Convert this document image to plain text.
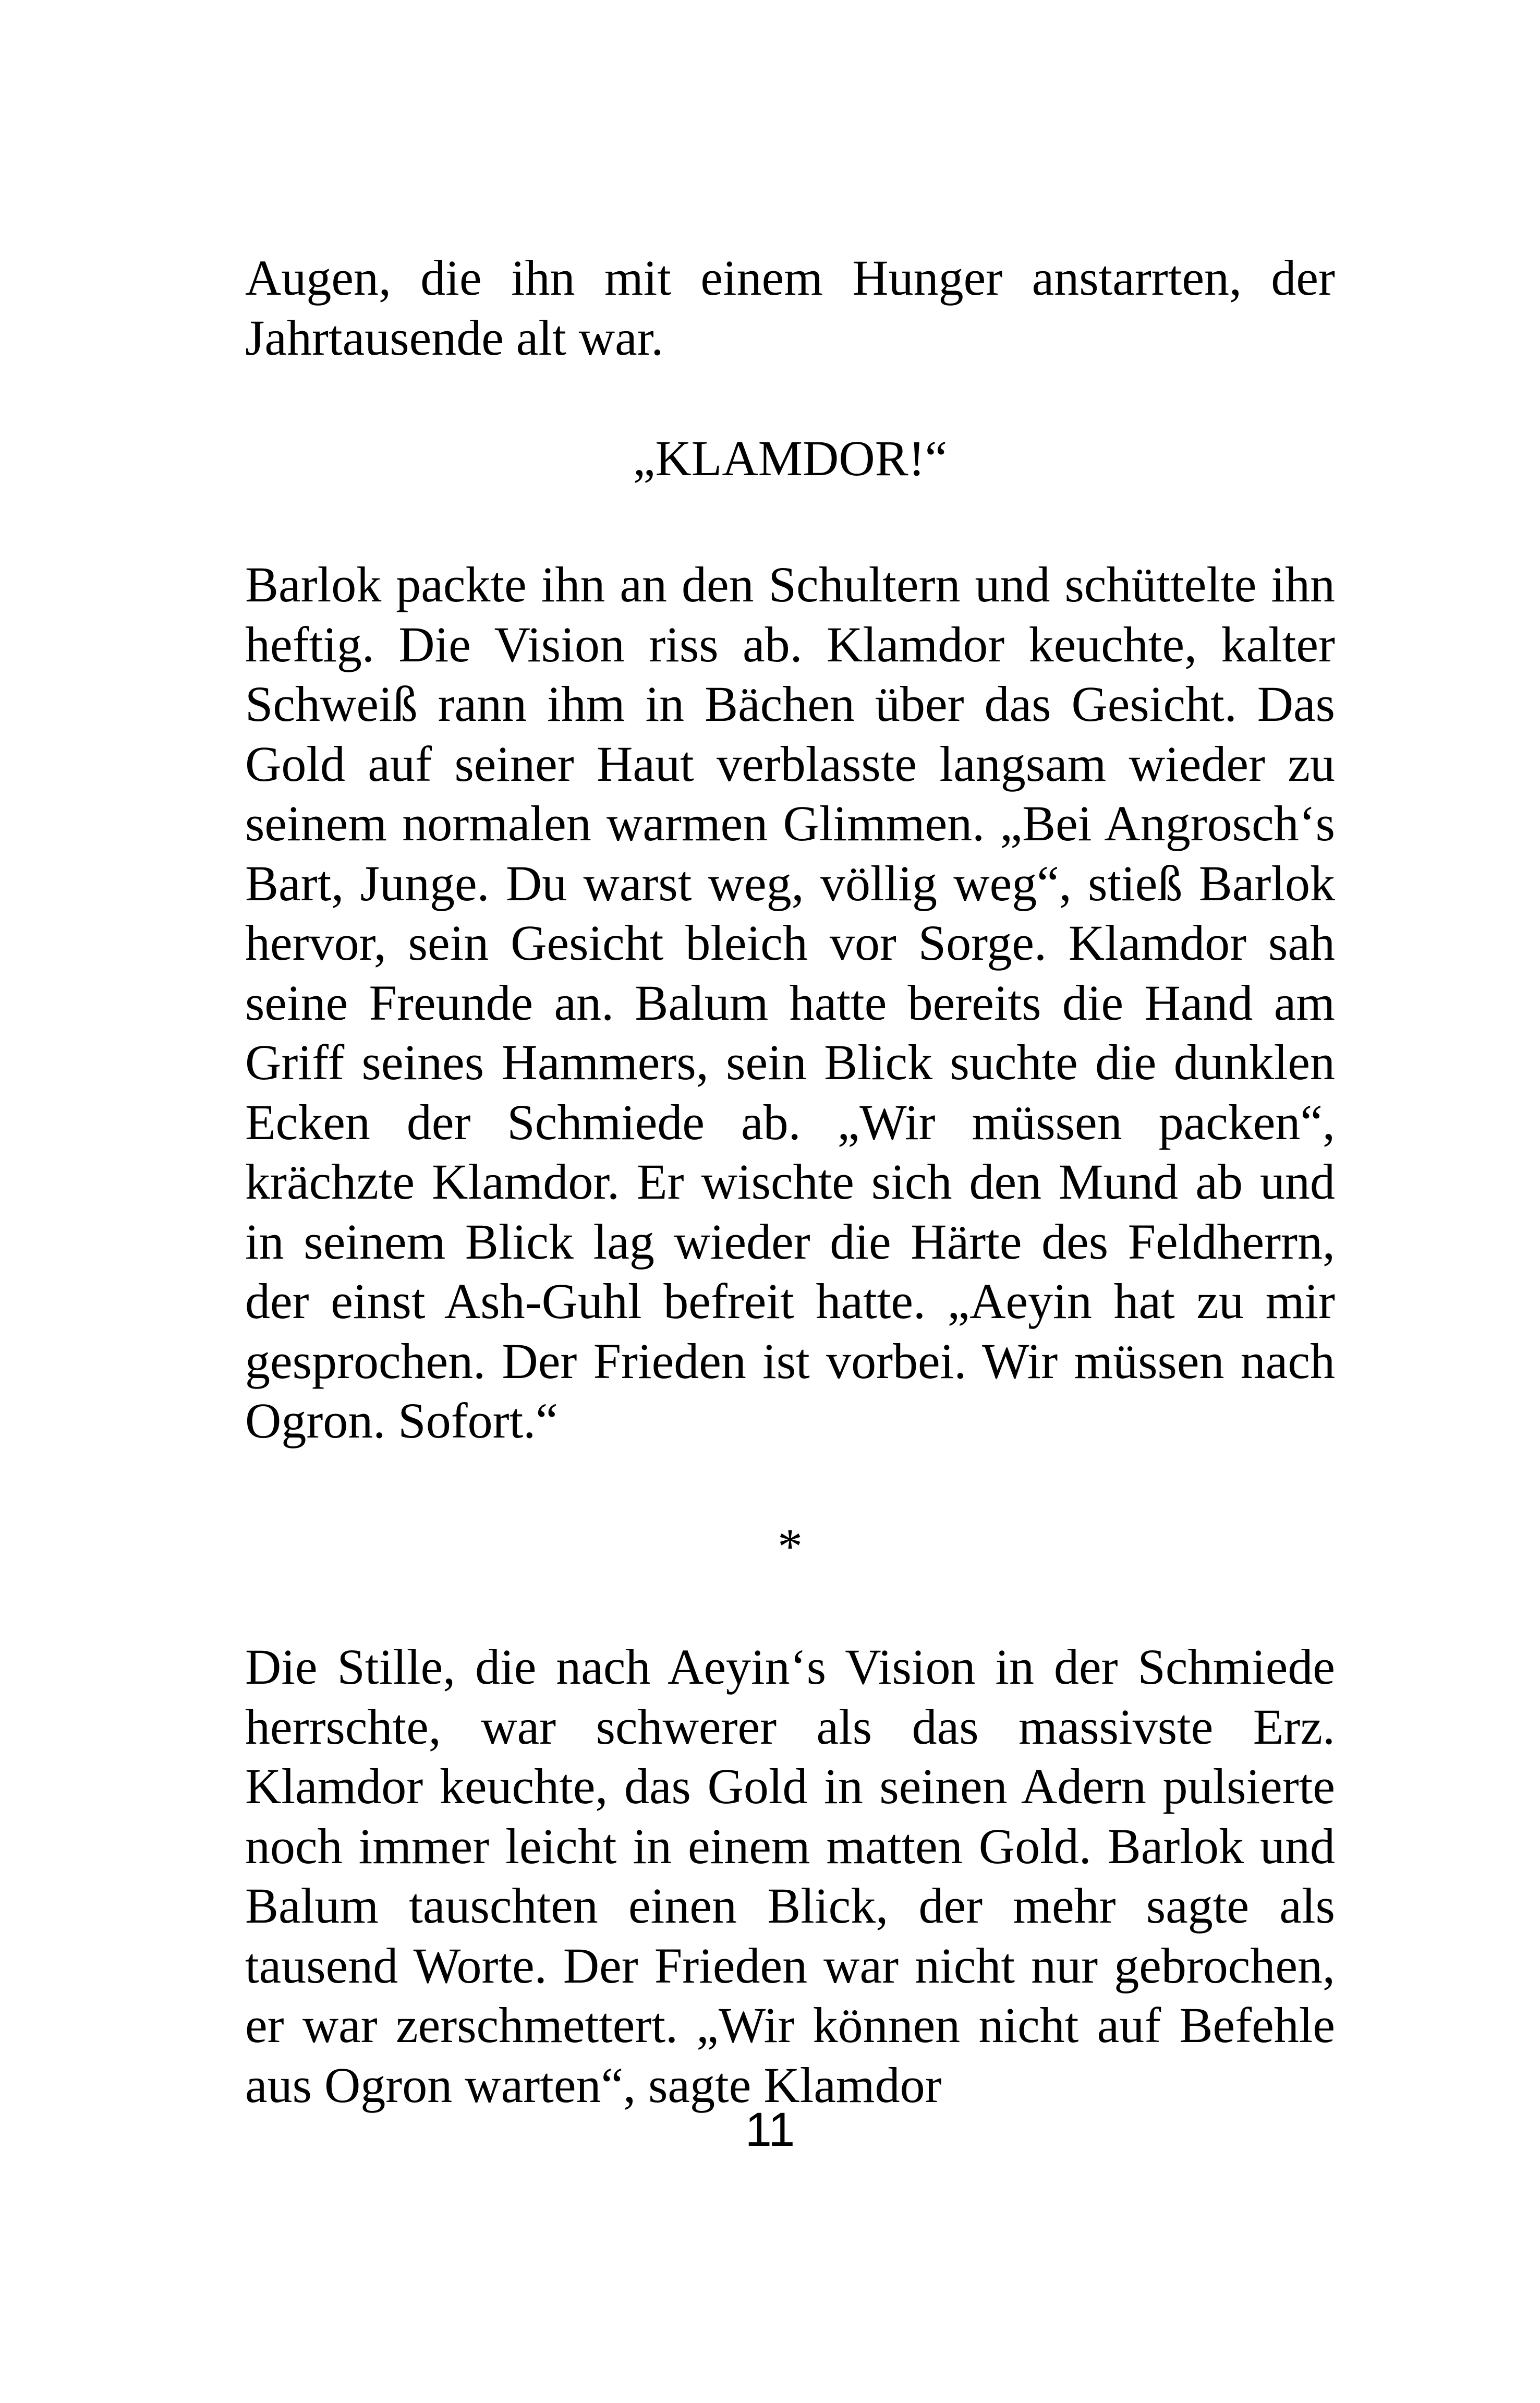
Augen, die ihn mit einem Hunger anstarrten, der Jahrtausende alt war.

„KLAMDOR!“

Barlok packte ihn an den Schultern und schüttelte ihn heftig. Die Vision riss ab. Klamdor keuchte, kalter Schweiß rann ihm in Bächen über das Gesicht. Das Gold auf seiner Haut verblasste langsam wieder zu seinem normalen warmen Glimmen. „Bei Angrosch‘s Bart, Junge. Du warst weg, völlig weg“, stieß Barlok hervor, sein Gesicht bleich vor Sorge. Klamdor sah seine Freunde an. Balum hatte bereits die Hand am Griff seines Hammers, sein Blick suchte die dunklen Ecken der Schmiede ab. „Wir müssen packen“, krächzte Klamdor. Er wischte sich den Mund ab und in seinem Blick lag wieder die Härte des Feldherrn, der einst Ash-Guhl befreit hatte. „Aeyin hat zu mir gesprochen. Der Frieden ist vorbei. Wir müssen nach Ogron. Sofort.“

*

Die Stille, die nach Aeyin‘s Vision in der Schmiede herrschte, war schwerer als das massivste Erz. Klamdor keuchte, das Gold in seinen Adern pulsierte noch immer leicht in einem matten Gold. Barlok und Balum tauschten einen Blick, der mehr sagte als tausend Worte. Der Frieden war nicht nur gebrochen, er war zerschmettert. „Wir können nicht auf Befehle aus Ogron warten“, sagte Klamdor

11
